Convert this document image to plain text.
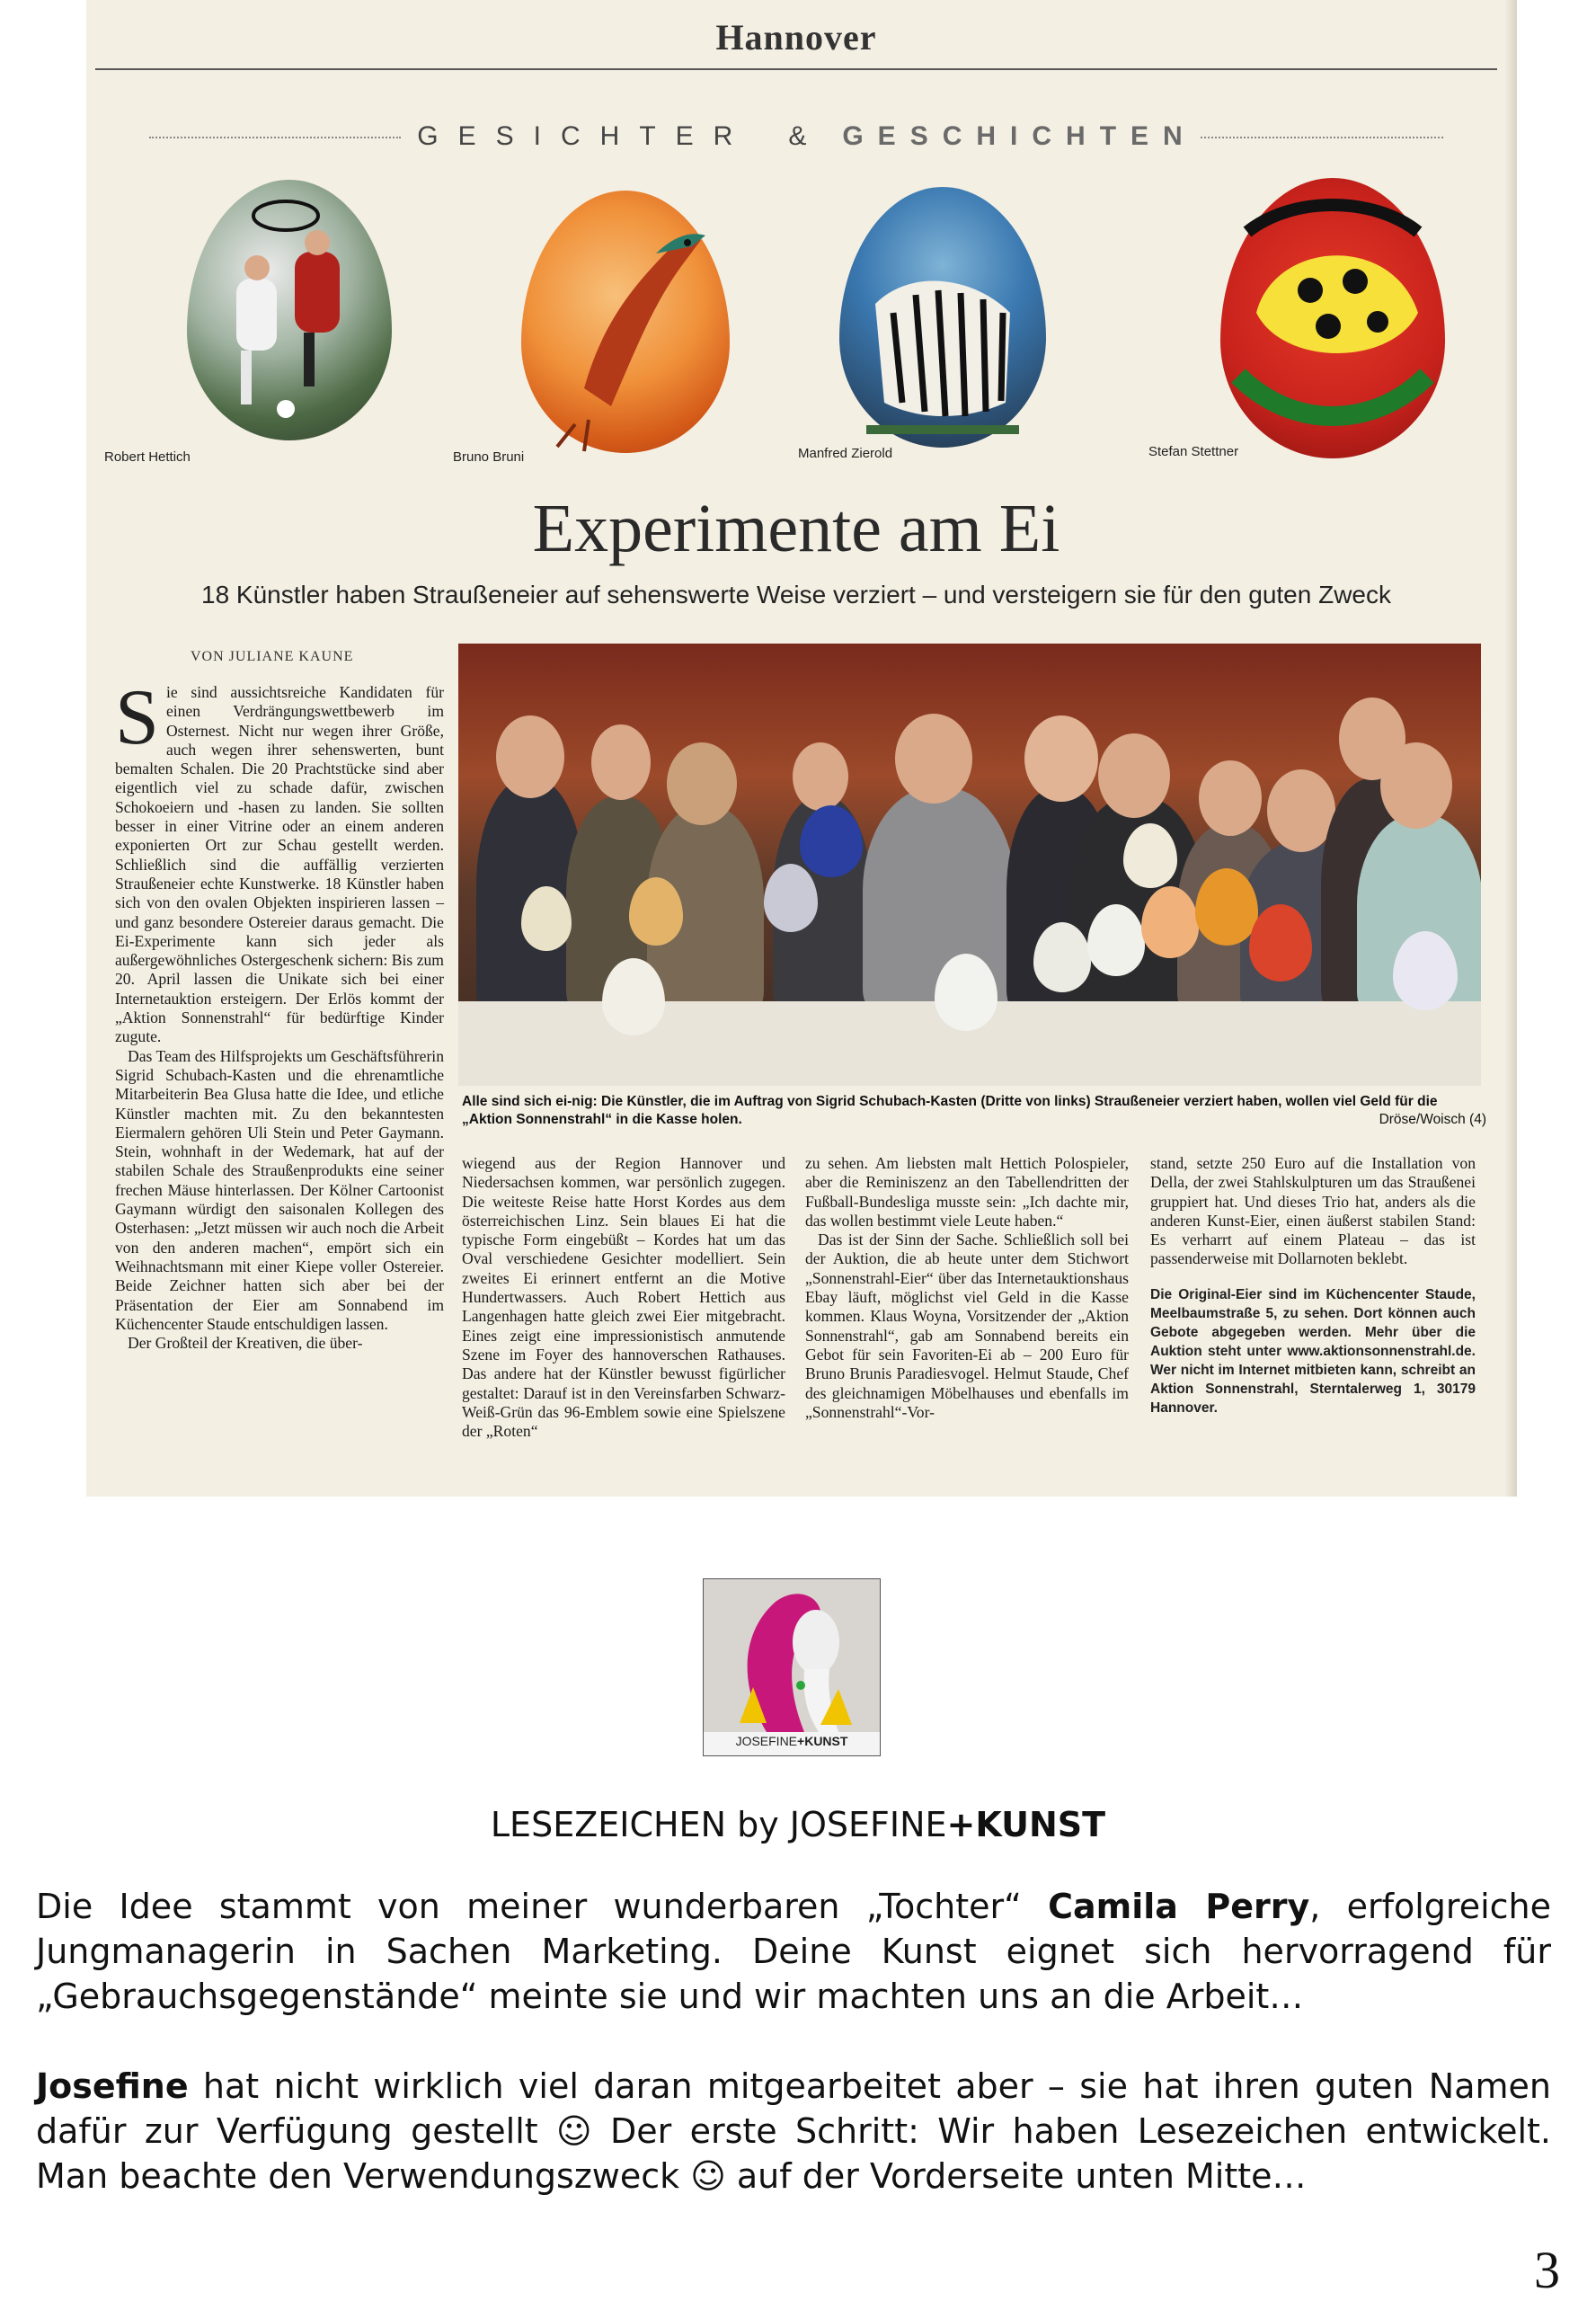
Hannover
GESICHTER & GESCHICHTEN
Robert Hettich	Bruno Bruni	Manfred Zierold	Stefan Stettner
Experimente am Ei
18 Künstler haben Straußeneier auf sehenswerte Weise verziert – und versteigern sie für den guten Zweck
VON JULIANE KAUNE
Alle sind sich ei-nig: Die Künstler, die im Auftrag von Sigrid Schubach-Kasten (Dritte von links) Straußeneier verziert haben, wollen viel Geld für die „Aktion Sonnenstrahl“ in die Kasse holen.	Dröse/Woisch (4)
Sie sind aussichtsreiche Kandidaten für einen Verdrängungswettbewerb im Osternest. Nicht nur wegen ihrer Größe, auch wegen ihrer sehenswerten, bunt bemalten Schalen. Die 20 Prachtstücke sind aber eigentlich viel zu schade dafür, zwischen Schokoeiern und -hasen zu landen. Sie sollten besser in einer Vitrine oder an einem anderen exponierten Ort zur Schau gestellt werden. Schließlich sind die auffällig verzierten Straußeneier echte Kunstwerke. 18 Künstler haben sich von den ovalen Objekten inspirieren lassen – und ganz besondere Ostereier daraus gemacht. Die Ei-Experimente kann sich jeder als außergewöhnliches Ostergeschenk sichern: Bis zum 20. April lassen die Unikate sich bei einer Internetauktion ersteigern. Der Erlös kommt der „Aktion Sonnenstrahl“ für bedürftige Kinder zugute.
Das Team des Hilfsprojekts um Geschäftsführerin Sigrid Schubach-Kasten und die ehrenamtliche Mitarbeiterin Bea Glusa hatte die Idee, und etliche Künstler machten mit. Zu den bekanntesten Eiermalern gehören Uli Stein und Peter Gaymann. Stein, wohnhaft in der Wedemark, hat auf der stabilen Schale des Straußenprodukts eine seiner frechen Mäuse hinterlassen. Der Kölner Cartoonist Gaymann würdigt den saisonalen Kollegen des Osterhasen: „Jetzt müssen wir auch noch die Arbeit von den anderen machen“, empört sich ein Weihnachtsmann mit einer Kiepe voller Ostereier. Beide Zeichner hatten sich aber bei der Präsentation der Eier am Sonnabend im Küchencenter Staude entschuldigen lassen.
Der Großteil der Kreativen, die über-
wiegend aus der Region Hannover und Niedersachsen kommen, war persönlich zugegen. Die weiteste Reise hatte Horst Kordes aus dem österreichischen Linz. Sein blaues Ei hat die typische Form eingebüßt – Kordes hat um das Oval verschiedene Gesichter modelliert. Sein zweites Ei erinnert entfernt an die Motive Hundertwassers. Auch Robert Hettich aus Langenhagen hatte gleich zwei Eier mitgebracht. Eines zeigt eine impressionistisch anmutende Szene im Foyer des hannoverschen Rathauses. Das andere hat der Künstler bewusst figürlicher gestaltet: Darauf ist in den Vereinsfarben Schwarz-Weiß-Grün das 96-Emblem sowie eine Spielszene der „Roten“
zu sehen. Am liebsten malt Hettich Polospieler, aber die Reminiszenz an den Tabellendritten der Fußball-Bundesliga musste sein: „Ich dachte mir, das wollen bestimmt viele Leute haben.“
Das ist der Sinn der Sache. Schließlich soll bei der Auktion, die ab heute unter dem Stichwort „Sonnenstrahl-Eier“ über das Internetauktionshaus Ebay läuft, möglichst viel Geld in die Kasse kommen. Klaus Woyna, Vorsitzender der „Aktion Sonnenstrahl“, gab am Sonnabend bereits ein Gebot für sein Favoriten-Ei ab – 200 Euro für Bruno Brunis Paradiesvogel. Helmut Staude, Chef des gleichnamigen Möbelhauses und ebenfalls im „Sonnenstrahl“-Vor-
stand, setzte 250 Euro auf die Installation von Della, der zwei Stahlskulpturen um das Straußenei gruppiert hat. Und dieses Trio hat, anders als die anderen Kunst-Eier, einen äußerst stabilen Stand: Es verharrt auf einem Plateau – das ist passenderweise mit Dollarnoten beklebt.
Die Original-Eier sind im Küchencenter Staude, Meelbaumstraße 5, zu sehen. Dort können auch Gebote abgegeben werden. Mehr über die Auktion steht unter www.aktionsonnenstrahl.de. Wer nicht im Internet mitbieten kann, schreibt an Aktion Sonnenstrahl, Sterntalerweg 1, 30179 Hannover.
JOSEFINE+KUNST
LESEZEICHEN by JOSEFINE+KUNST

Die Idee stammt von meiner wunderbaren „Tochter“ Camila Perry, erfolgreiche Jungmanagerin in Sachen Marketing. Deine Kunst eignet sich hervorragend für „Gebrauchsgegenstände“ meinte sie und wir machten uns an die Arbeit…

Josefine hat nicht wirklich viel daran mitgearbeitet aber – sie hat ihren guten Namen dafür zur Verfügung gestellt ☺ Der erste Schritt: Wir haben Lesezeichen entwickelt. Man beachte den Verwendungszweck ☺ auf der Vorderseite unten Mitte…

3
